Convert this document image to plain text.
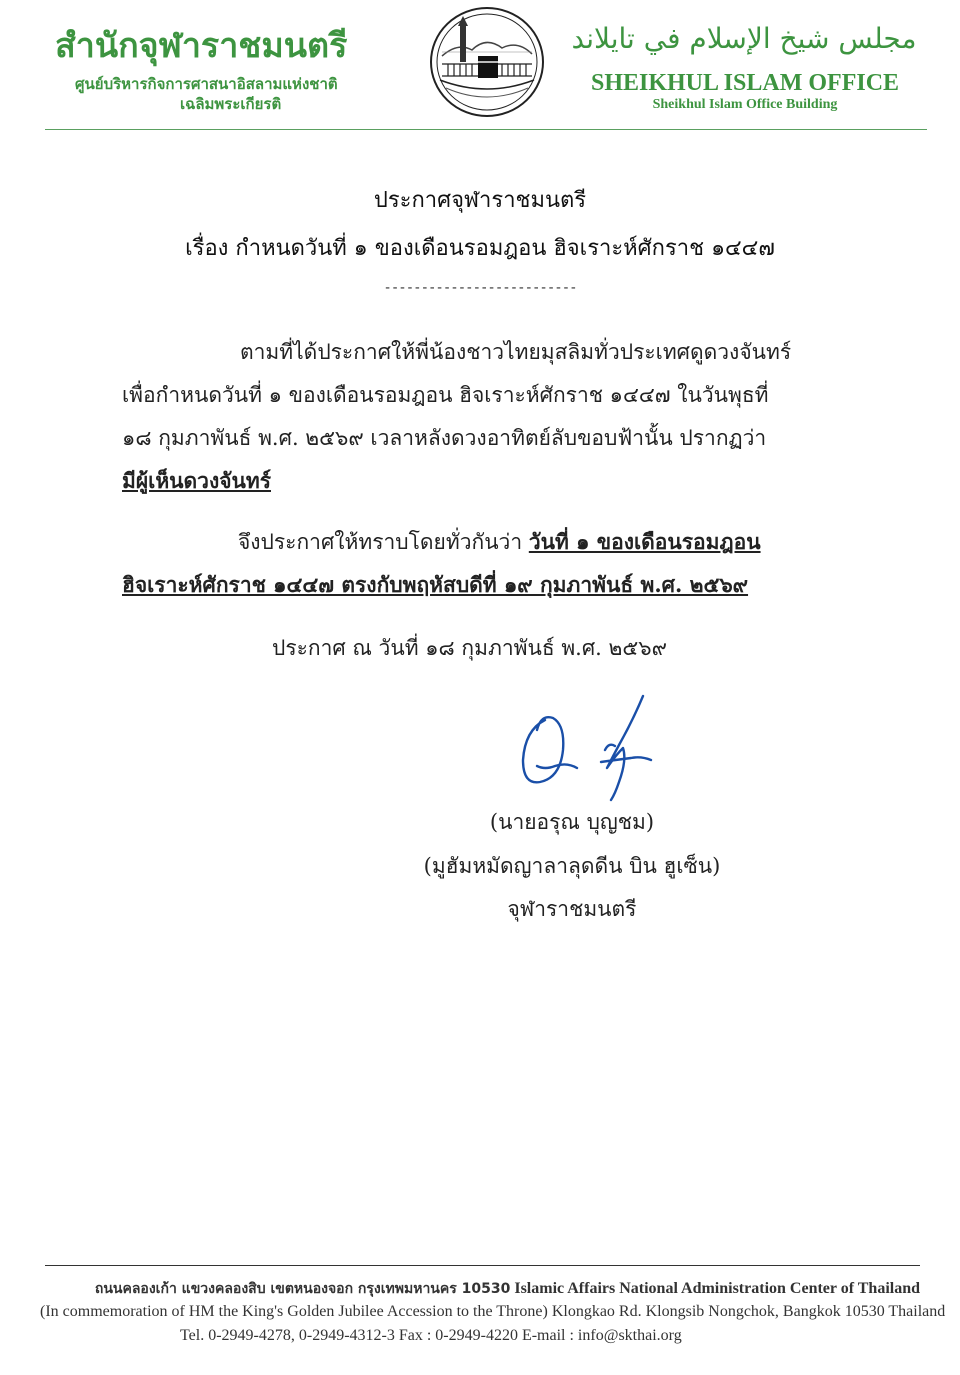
สำนักจุฬาราชมนตรี
ศูนย์บริหารกิจการศาสนาอิสลามแห่งชาติ
เฉลิมพระเกียรติ
مجلس شيخ الإسلام في تايلاند
SHEIKHUL ISLAM OFFICE
Sheikhul Islam Office Building
ประกาศจุฬาราชมนตรี
เรื่อง กำหนดวันที่ ๑ ของเดือนรอมฎอน ฮิจเราะห์ศักราช ๑๔๔๗
--------------------------
ตามที่ได้ประกาศให้พี่น้องชาวไทยมุสลิมทั่วประเทศดูดวงจันทร์
เพื่อกำหนดวันที่ ๑ ของเดือนรอมฎอน ฮิจเราะห์ศักราช ๑๔๔๗ ในวันพุธที่
๑๘ กุมภาพันธ์ พ.ศ. ๒๕๖๙ เวลาหลังดวงอาทิตย์ลับขอบฟ้านั้น ปรากฏว่า
มีผู้เห็นดวงจันทร์
จึงประกาศให้ทราบโดยทั่วกันว่า วันที่ ๑ ของเดือนรอมฎอน
ฮิจเราะห์ศักราช ๑๔๔๗ ตรงกับพฤหัสบดีที่ ๑๙ กุมภาพันธ์ พ.ศ. ๒๕๖๙
ประกาศ ณ วันที่ ๑๘ กุมภาพันธ์ พ.ศ. ๒๕๖๙
(นายอรุณ บุญชม)
(มูฮัมหมัดญาลาลุดดีน บิน ฮูเซ็น)
จุฬาราชมนตรี
ถนนคลองเก้า แขวงคลองสิบ เขตหนองจอก กรุงเทพมหานคร 10530 Islamic Affairs National Administration Center of Thailand
(In commemoration of HM the King's Golden Jubilee Accession to the Throne) Klongkao Rd. Klongsib Nongchok, Bangkok 10530 Thailand
Tel. 0-2949-4278, 0-2949-4312-3 Fax : 0-2949-4220 E-mail : info@skthai.org
